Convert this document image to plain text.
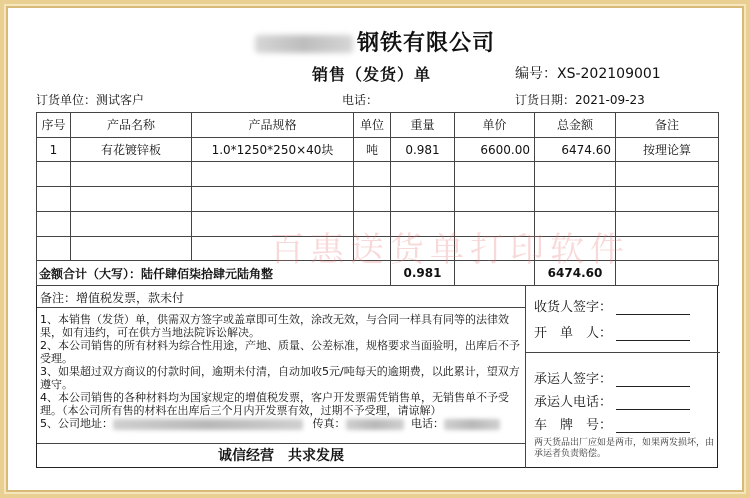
钢铁有限公司
销售（发货）单	编号：XS-202109001
订货单位：测试客户	电话：	订货日期：2021-09-23
序号	产品名称	产品规格	单位	重量	单价	总金额	备注
1	有花镀锌板	1.0*1250*250×40块	吨	0.981	6600.00	6474.60	按理论算

金额合计（大写）：陆仟肆佰柒拾肆元陆角整				0.981		6474.60	
百惠送货单打印软件
备注：增值税发票，款未付
1、本销售（发货）单，供需双方签字或盖章即可生效，涂改无效，与合同一样具有同等的法律效果，如有违约，可在供方当地法院诉讼解决。
2、本公司销售的所有材料为综合性用途，产地、质量、公差标准，规格要求当面验明，出库后不予受理。
3、如果超过双方商议的付款时间，逾期未付清，自动加收5元/吨每天的逾期费，以此累计，望双方遵守。
4、本公司销售的各种材料均为国家规定的增值税发票，客户开发票需凭销售单，无销售单不予受理。（本公司所有售的材料在出库后三个月内开发票有效，过期不予受理，请谅解）
5、公司地址：	传真：	电话：
诚信经营　共求发展
收货人签字：
开　单　人：
承运人签字：
承运人电话：
车　牌　号：
两天货品出厂应如是两市，如果两发损坏，由承运者负责赔偿。
